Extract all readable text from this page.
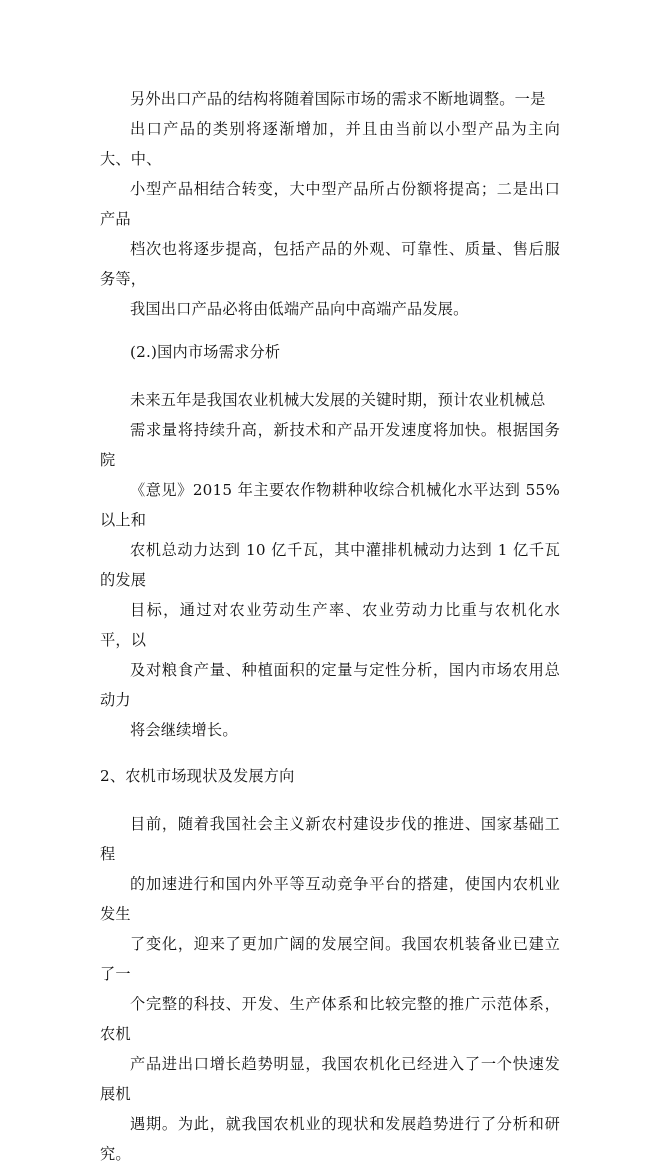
另外出口产品的结构将随着国际市场的需求不断地调整。一是
出口产品的类别将逐渐增加，并且由当前以小型产品为主向大、中、
小型产品相结合转变，大中型产品所占份额将提高；二是出口产品
档次也将逐步提高，包括产品的外观、可靠性、质量、售后服务等，
我国出口产品必将由低端产品向中高端产品发展。
(2.)国内市场需求分析
未来五年是我国农业机械大发展的关键时期，预计农业机械总
需求量将持续升高，新技术和产品开发速度将加快。根据国务院
《意见》2015 年主要农作物耕种收综合机械化水平达到 55%以上和
农机总动力达到 10 亿千瓦，其中灌排机械动力达到 1 亿千瓦的发展
目标，通过对农业劳动生产率、农业劳动力比重与农机化水平，以
及对粮食产量、种植面积的定量与定性分析，国内市场农用总动力
将会继续增长。
2、农机市场现状及发展方向
目前，随着我国社会主义新农村建设步伐的推进、国家基础工程
的加速进行和国内外平等互动竞争平台的搭建，使国内农机业发生
了变化，迎来了更加广阔的发展空间。我国农机装备业已建立了一
个完整的科技、开发、生产体系和比较完整的推广示范体系，农机
产品进出口增长趋势明显，我国农机化已经进入了一个快速发展机
遇期。为此，就我国农机业的现状和发展趋势进行了分析和研究。
